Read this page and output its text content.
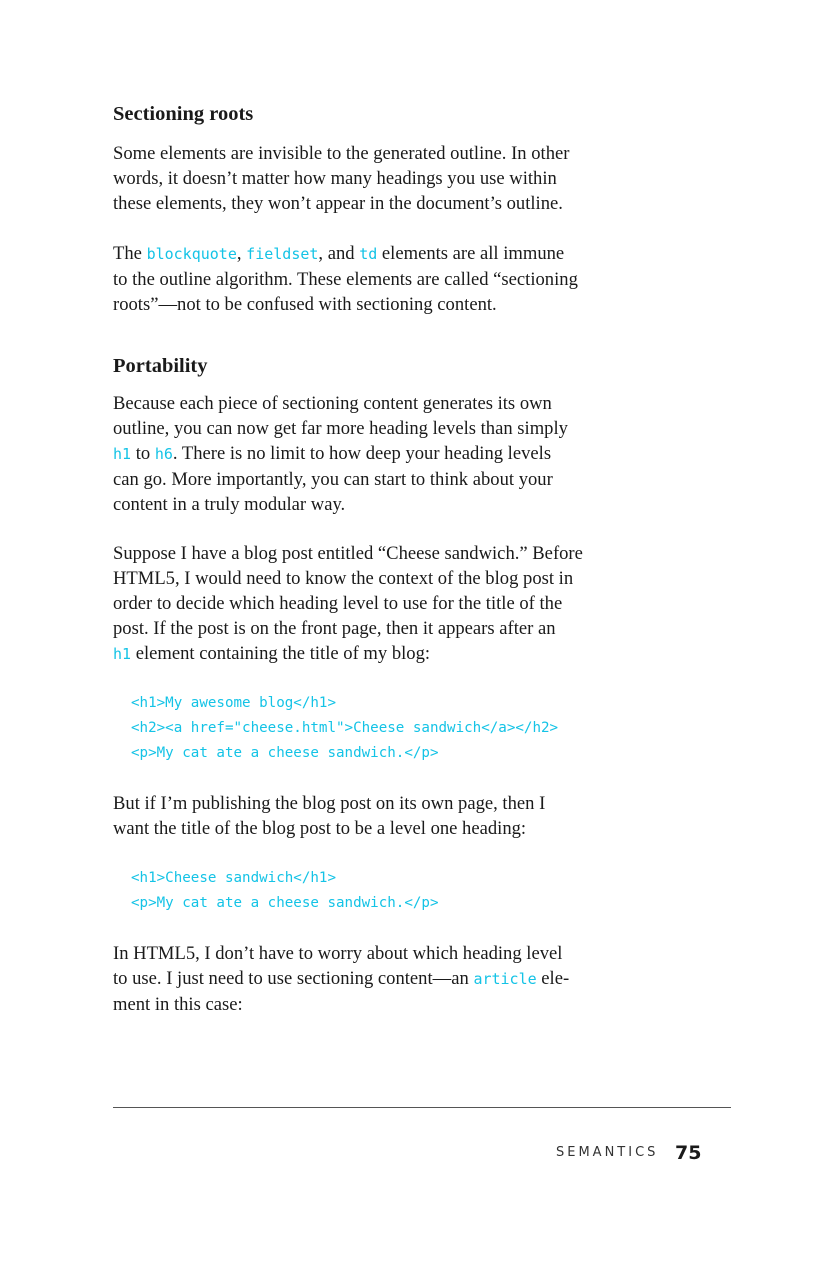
Sectioning roots

Some elements are invisible to the generated outline. In other
words, it doesn’t matter how many headings you use within
these elements, they won’t appear in the document’s outline.

The blockquote, fieldset, and td elements are all immune
to the outline algorithm. These elements are called “sectioning
roots”—not to be confused with sectioning content.

Portability

Because each piece of sectioning content generates its own
outline, you can now get far more heading levels than simply
h1 to h6. There is no limit to how deep your heading levels
can go. More importantly, you can start to think about your
content in a truly modular way.

Suppose I have a blog post entitled “Cheese sandwich.” Before
HTML5, I would need to know the context of the blog post in
order to decide which heading level to use for the title of the
post. If the post is on the front page, then it appears after an
h1 element containing the title of my blog:

<h1>My awesome blog</h1>
<h2><a href="cheese.html">Cheese sandwich</a></h2>
<p>My cat ate a cheese sandwich.</p>

But if I’m publishing the blog post on its own page, then I
want the title of the blog post to be a level one heading:

<h1>Cheese sandwich</h1>
<p>My cat ate a cheese sandwich.</p>

In HTML5, I don’t have to worry about which heading level
to use. I just need to use sectioning content—an article ele-
ment in this case:

SEMANTICS 75
